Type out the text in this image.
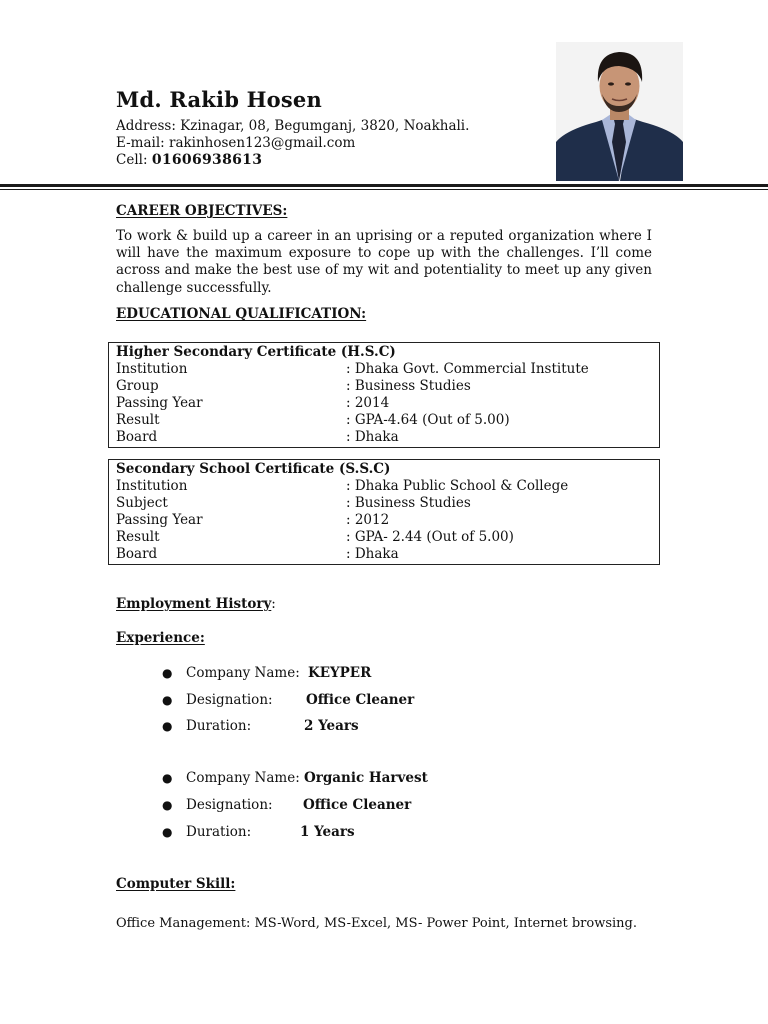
Md. Rakib Hosen
Address: Kzinagar, 08, Begumganj, 3820, Noakhali.
E-mail: rakinhosen123@gmail.com
Cell: 01606938613
CAREER OBJECTIVES:
To work & build up a career in an uprising or a reputed organization where I will have the maximum exposure to cope up with the challenges. I’ll come across and make the best use of my wit and potentiality to meet up any given challenge successfully.
EDUCATIONAL QUALIFICATION:
Higher Secondary Certificate (H.S.C)
Institution	: Dhaka Govt. Commercial Institute
Group	: Business Studies
Passing Year	: 2014
Result	: GPA-4.64 (Out of 5.00)
Board	: Dhaka
Secondary School Certificate (S.S.C)
Institution	: Dhaka Public School & College
Subject	: Business Studies
Passing Year	: 2012
Result	: GPA- 2.44 (Out of 5.00)
Board	: Dhaka
Employment History:
Experience:
● Company Name: KEYPER
● Designation: Office Cleaner
● Duration:	2 Years
● Company Name: Organic Harvest
● Designation: Office Cleaner
● Duration:	1 Years
Computer Skill:
Office Management: MS-Word, MS-Excel, MS- Power Point, Internet browsing.
